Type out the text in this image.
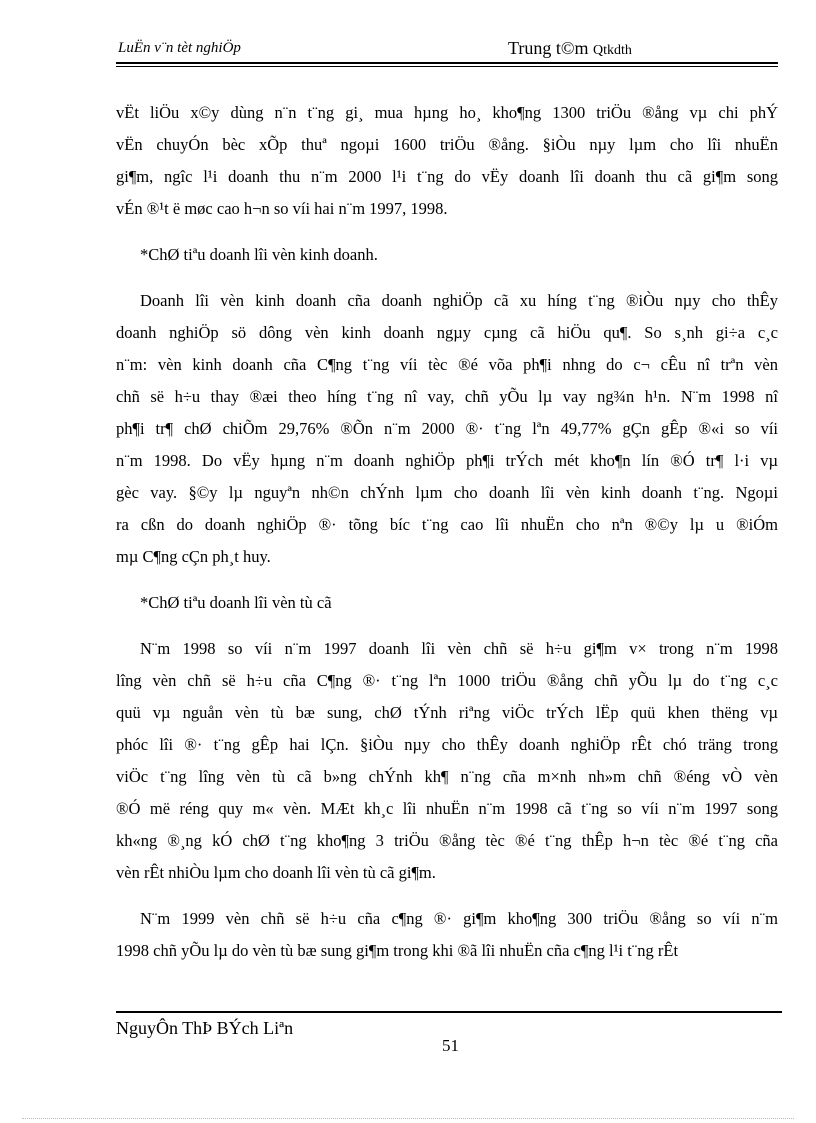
LuËn v¨n tèt nghiÖp	Trung t©m Qtkdth

vËt liÖu x©y dùng n¨n t¨ng gi¸ mua hµng ho¸ kho¶ng 1300 triÖu ®ång vµ chi phÝ
vËn chuyÓn bèc xÕp thuª ngoµi 1600 triÖu ®ång. §iÒu nµy lµm cho lîi nhuËn
gi¶m, ngîc l¹i doanh thu n¨m 2000 l¹i t¨ng do vËy doanh lîi doanh thu cã gi¶m song
vÉn ®¹t ë møc cao h¬n so víi hai n¨m 1997, 1998.

*ChØ tiªu doanh lîi vèn kinh doanh.

Doanh lîi vèn kinh doanh cña doanh nghiÖp cã xu híng t¨ng ®iÒu nµy cho thÊy
doanh nghiÖp sö dông vèn kinh doanh ngµy cµng cã hiÖu qu¶. So s¸nh gi÷a c¸c
n¨m: vèn kinh doanh cña C¶ng t¨ng víi tèc ®é võa ph¶i nhng do c¬ cÊu nî trªn vèn
chñ së h÷u thay ®æi theo híng t¨ng nî vay, chñ yÕu lµ vay ng¾n h¹n. N¨m 1998 nî
ph¶i tr¶ chØ chiÕm 29,76% ®Õn n¨m 2000 ®· t¨ng lªn 49,77% gÇn gÊp ®«i so víi
n¨m 1998. Do vËy hµng n¨m doanh nghiÖp ph¶i trÝch mét kho¶n lín ®Ó tr¶ l·i vµ
gèc vay. §©y lµ nguyªn nh©n chÝnh lµm cho doanh lîi vèn kinh doanh t¨ng. Ngoµi
ra cßn do doanh nghiÖp ®· tõng bíc t¨ng cao lîi nhuËn cho nªn ®©y lµ u ®iÓm
mµ C¶ng cÇn ph¸t huy.

*ChØ tiªu doanh lîi vèn tù cã

N¨m 1998 so víi n¨m 1997 doanh lîi vèn chñ së h÷u gi¶m v× trong n¨m 1998
lîng vèn chñ së h÷u cña C¶ng ®· t¨ng lªn 1000 triÖu ®ång chñ yÕu lµ do t¨ng c¸c
quü vµ nguån vèn tù bæ sung, chØ tÝnh riªng viÖc trÝch lËp quü khen thëng vµ
phóc lîi ®· t¨ng gÊp hai lÇn. §iÒu nµy cho thÊy doanh nghiÖp rÊt chó träng trong
viÖc t¨ng lîng vèn tù cã b»ng chÝnh kh¶ n¨ng cña m×nh nh»m chñ ®éng vÒ vèn
®Ó më réng quy m« vèn. MÆt kh¸c lîi nhuËn n¨m 1998 cã t¨ng so víi n¨m 1997 song
kh«ng ®¸ng kÓ chØ t¨ng kho¶ng 3 triÖu ®ång tèc ®é t¨ng thÊp h¬n tèc ®é t¨ng cña
vèn rÊt nhiÒu lµm cho doanh lîi vèn tù cã gi¶m.

N¨m 1999 vèn chñ së h÷u cña c¶ng ®· gi¶m kho¶ng 300 triÖu ®ång so víi n¨m
1998 chñ yÕu lµ do vèn tù bæ sung gi¶m trong khi ®ã lîi nhuËn cña c¶ng l¹i t¨ng rÊt

NguyÔn ThÞ BÝch Liªn
51
